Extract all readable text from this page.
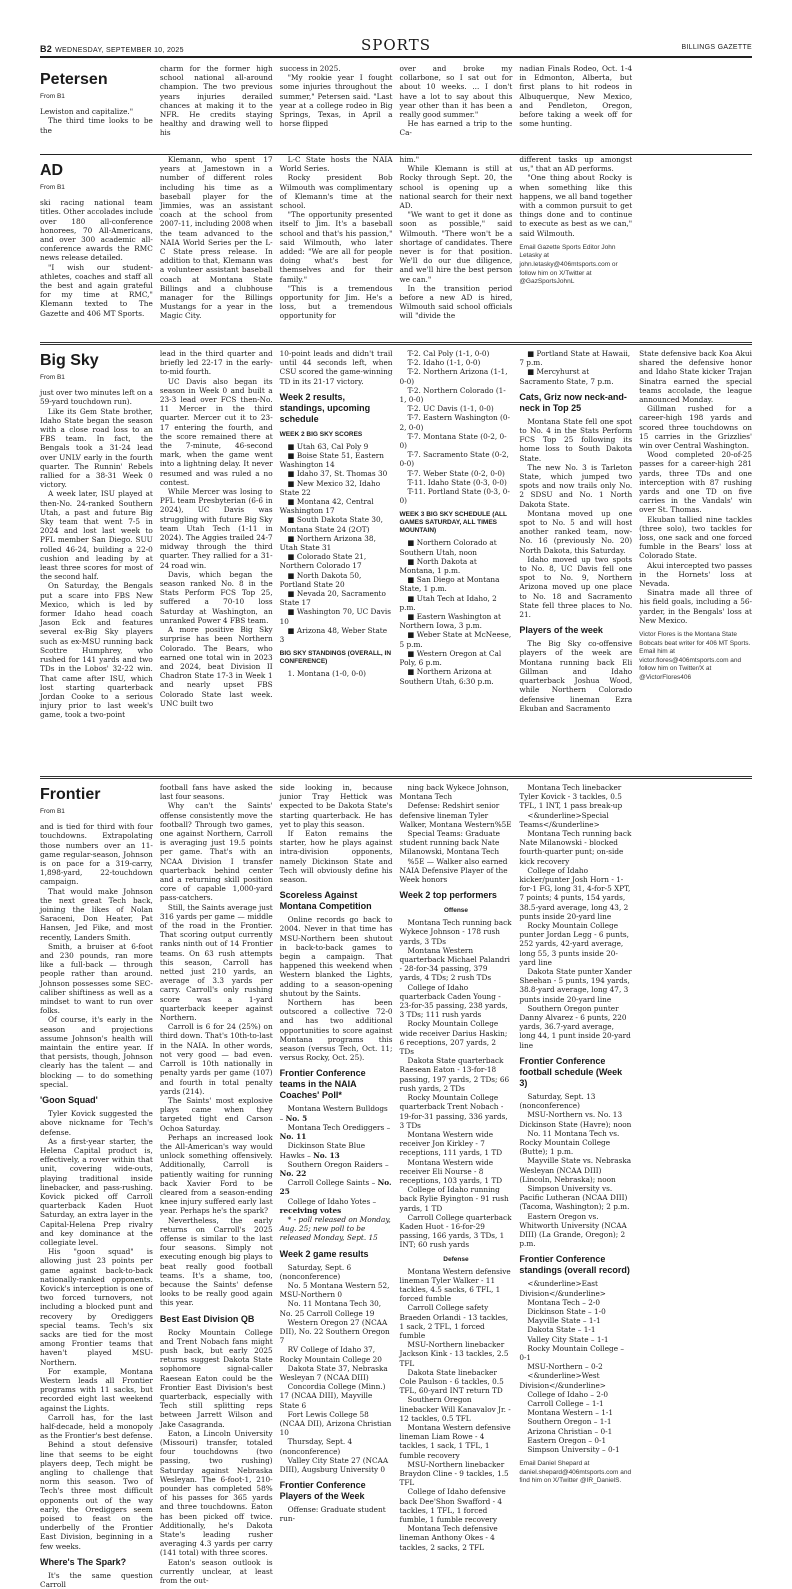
B2 WEDNESDAY, SEPTEMBER 10, 2025	SPORTS	BILLINGS GAZETTE
Petersen
From B1

Lewiston and capitalize."

The third time looks to be the

charm for the former high school national all-around champion. The two previous years injuries derailed chances at making it to the NFR. He credits staying healthy and drawing well to his

success in 2025.

"My rookie year I fought some injuries throughout the summer," Petersen said. "Last year at a college rodeo in Big Springs, Texas, in April a horse flipped

over and broke my collarbone, so I sat out for about 10 weeks. ... I don't have a lot to say about this year other than it has been a really good summer."

He has earned a trip to the Ca-

nadian Finals Rodeo, Oct. 1-4 in Edmonton, Alberta, but first plans to hit rodeos in Albuquerque, New Mexico, and Pendleton, Oregon, before taking a week off for some hunting.

AD
From B1

ski racing national team titles. Other accolades include over 180 all-conference honorees, 70 All-Americans, and over 300 academic all-conference awards the RMC news release detailed.

"I wish our student-athletes, coaches and staff all the best and again grateful for my time at RMC," Klemann texted to The Gazette and 406 MT Sports.

Klemann, who spent 17 years at Jamestown in a number of different roles including his time as a baseball player for the Jimmies, was an assistant coach at the school from 2007-11, including 2008 when the team advanced to the NAIA World Series per the L-C State press release. In addition to that, Klemann was a volunteer assistant baseball coach at Montana State Billings and a clubhouse manager for the Billings Mustangs for a year in the Magic City.

L-C State hosts the NAIA World Series.

Rocky president Bob Wilmouth was complimentary of Klemann's time at the school.

"The opportunity presented itself to Jim. It's a baseball school and that's his passion," said Wilmouth, who later added: "We are all for people doing what's best for themselves and for their family."

"This is a tremendous opportunity for Jim. He's a loss, but a tremendous opportunity for

him."

While Klemann is still at Rocky through Sept. 20, the school is opening up a national search for their next AD.

"We want to get it done as soon as possible," said Wilmouth. "There won't be a shortage of candidates. There never is for that position. We'll do our due diligence, and we'll hire the best person we can."

In the transition period before a new AD is hired, Wilmouth said school officials will "divide the

different tasks up amongst us," that an AD performs.

"One thing about Rocky is when something like this happens, we all band together with a common pursuit to get things done and to continue to execute as best as we can," said Wilmouth.

Email Gazette Sports Editor John Letasky at john.letasky@406mtsports.com or follow him on X/Twitter at @GazSportsJohnL
Big Sky
From B1

just over two minutes left on a 59-yard touchdown run).

Like its Gem State brother, Idaho State began the season with a close road loss to an FBS team. In fact, the Bengals took a 31-24 lead over UNLV early in the fourth quarter. The Runnin' Rebels rallied for a 38-31 Week 0 victory.

A week later, ISU played at then-No. 24-ranked Southern Utah, a past and future Big Sky team that went 7-5 in 2024 and lost last week to PFL member San Diego. SUU rolled 46-24, building a 22-0 cushion and leading by at least three scores for most of the second half.

On Saturday, the Bengals put a scare into FBS New Mexico, which is led by former Idaho head coach Jason Eck and features several ex-Big Sky players such as ex-MSU running back Scottre Humphrey, who rushed for 141 yards and two TDs in the Lobos' 32-22 win. That came after ISU, which lost starting quarterback Jordan Cooke to a serious injury prior to last week's game, took a two-point

lead in the third quarter and briefly led 22-17 in the early-to-mid fourth.

UC Davis also began its season in Week 0 and built a 23-3 lead over FCS then-No. 11 Mercer in the third quarter. Mercer cut it to 23-17 entering the fourth, and the score remained there at the 7-minute, 46-second mark, when the game went into a lightning delay. It never resumed and was ruled a no contest.

While Mercer was losing to PFL team Presbyterian (6-6 in 2024), UC Davis was struggling with future Big Sky team Utah Tech (1-11 in 2024). The Aggies trailed 24-7 midway through the third quarter. They rallied for a 31-24 road win.

Davis, which began the season ranked No. 8 in the Stats Perform FCS Top 25, suffered a 70-10 loss Saturday at Washington, an unranked Power 4 FBS team.

A more positive Big Sky surprise has been Northern Colorado. The Bears, who earned one total win in 2023 and 2024, beat Division II Chadron State 17-3 in Week 1 and nearly upset FBS Colorado State last week. UNC built two

10-point leads and didn't trail until 44 seconds left, when CSU scored the game-winning TD in its 21-17 victory.

Week 2 results, standings, upcoming schedule
WEEK 2 BIG SKY SCORES

■ Utah 63, Cal Poly 9

■ Boise State 51, Eastern Washington 14

■ Idaho 37, St. Thomas 30

■ New Mexico 32, Idaho State 22

■ Montana 42, Central Washington 17

■ South Dakota State 30, Montana State 24 (2OT)

■ Northern Arizona 38, Utah State 31

■ Colorado State 21, Northern Colorado 17

■ North Dakota 50, Portland State 20

■ Nevada 20, Sacramento State 17

■ Washington 70, UC Davis 10

■ Arizona 48, Weber State 3

BIG SKY STANDINGS (OVERALL, IN CONFERENCE)

1. Montana (1-0, 0-0)

T-2. Cal Poly (1-1, 0-0)

T-2. Idaho (1-1, 0-0)

T-2. Northern Arizona (1-1, 0-0)

T-2. Northern Colorado (1-1, 0-0)

T-2. UC Davis (1-1, 0-0)

T-7. Eastern Washington (0-2, 0-0)

T-7. Montana State (0-2, 0-0)

T-7. Sacramento State (0-2, 0-0)

T-7. Weber State (0-2, 0-0)

T-11. Idaho State (0-3, 0-0)

T-11. Portland State (0-3, 0-0)

WEEK 3 BIG SKY SCHEDULE (ALL GAMES SATURDAY, ALL TIMES MOUNTAIN)

■ Northern Colorado at Southern Utah, noon

■ North Dakota at Montana, 1 p.m.

■ San Diego at Montana State, 1 p.m.

■ Utah Tech at Idaho, 2 p.m.

■ Eastern Washington at Northern Iowa, 3 p.m.

■ Weber State at McNeese, 5 p.m.

■ Western Oregon at Cal Poly, 6 p.m.

■ Northern Arizona at Southern Utah, 6:30 p.m.

■ Portland State at Hawaii, 7 p.m.

■ Mercyhurst at Sacramento State, 7 p.m.

Cats, Griz now neck-and-neck in Top 25

Montana State fell one spot to No. 4 in the Stats Perform FCS Top 25 following its home loss to South Dakota State.

The new No. 3 is Tarleton State, which jumped two spots and now trails only No. 2 SDSU and No. 1 North Dakota State.

Montana moved up one spot to No. 5 and will host another ranked team, now-No. 16 (previously No. 20) North Dakota, this Saturday.

Idaho moved up two spots to No. 8, UC Davis fell one spot to No. 9, Northern Arizona moved up one place to No. 18 and Sacramento State fell three places to No. 21.

Players of the week

The Big Sky co-offensive players of the week are Montana running back Eli Gillman and Idaho quarterback Joshua Wood, while Northern Colorado defensive lineman Ezra Ekuban and Sacramento

State defensive back Koa Akui shared the defensive honor and Idaho State kicker Trajan Sinatra earned the special teams accolade, the league announced Monday.

Gillman rushed for a career-high 198 yards and scored three touchdowns on 15 carries in the Grizzlies' win over Central Washington.

Wood completed 20-of-25 passes for a career-high 281 yards, three TDs and one interception with 87 rushing yards and one TD on five carries in the Vandals' win over St. Thomas.

Ekuban tallied nine tackles (three solo), two tackles for loss, one sack and one forced fumble in the Bears' loss at Colorado State.

Akui intercepted two passes in the Hornets' loss at Nevada.

Sinatra made all three of his field goals, including a 56-yarder, in the Bengals' loss at New Mexico.

Victor Flores is the Montana State Bobcats beat writer for 406 MT Sports. Email him at victor.flores@406mtsports.com and follow him on Twitter/X at @VictorFlores406
Frontier
From B1

and is tied for third with four touchdowns. Extrapolating those numbers over an 11-game regular-season, Johnson is on pace for a 319-carry, 1,898-yard, 22-touchdown campaign.

That would make Johnson the next great Tech back, joining the likes of Nolan Saraceni, Don Heater, Pat Hansen, Jed Fike, and most recently, Landers Smith.

Smith, a bruiser at 6-foot and 230 pounds, ran more like a full-back — through people rather than around. Johnson possesses some SEC-caliber shiftiness as well as a mindset to want to run over folks.

Of course, it's early in the season and projections assume Johnson's health will maintain the entire year. If that persists, though, Johnson clearly has the talent — and blocking — to do something special.

'Goon Squad'

Tyler Kovick suggested the above nickname for Tech's defense.

As a first-year starter, the Helena Capital product is, effectively, a rover within that unit, covering wide-outs, playing traditional inside linebacker, and pass-rushing. Kovick picked off Carroll quarterback Kaden Huot Saturday, an extra layer in the Capital-Helena Prep rivalry and key dominance at the collegiate level.

His "goon squad" is allowing just 23 points per game against back-to-back nationally-ranked opponents. Kovick's interception is one of two forced turnovers, not including a blocked punt and recovery by Orediggers special teams. Tech's six sacks are tied for the most among Frontier teams that haven't played MSU-Northern.

For example, Montana Western leads all Frontier programs with 11 sacks, but recorded eight last weekend against the Lights.

Carroll has, for the last half-decade, held a monopoly as the Frontier's best defense.

Behind a stout defensive line that seems to be eight players deep, Tech might be angling to challenge that norm this season. Two of Tech's three most difficult opponents out of the way early, the Orediggers seem poised to feast on the underbelly of the Frontier East Division, beginning in a few weeks.

Where's The Spark?

It's the same question Carroll

football fans have asked the last four seasons.

Why can't the Saints' offense consistently move the football? Through two games, one against Northern, Carroll is averaging just 19.5 points per game. That's with an NCAA Division I transfer quarterback behind center and a returning skill position core of capable 1,000-yard pass-catchers.

Still, the Saints average just 316 yards per game — middle of the road in the Frontier. That scoring output currently ranks ninth out of 14 Frontier teams. On 63 rush attempts this season, Carroll has netted just 210 yards, an average of 3.3 yards per carry. Carroll's only rushing score was a 1-yard quarterback keeper against Northern.

Carroll is 6 for 24 (25%) on third down. That's 10th-to-last in the NAIA. In other words, not very good — bad even. Carroll is 10th nationally in penalty yards per game (107) and fourth in total penalty yards (214).

The Saints' most explosive plays came when they targeted tight end Carson Ochoa Saturday.

Perhaps an increased look the All-American's way would unlock something offensively. Additionally, Carroll is patiently waiting for running back Xavier Ford to be cleared from a season-ending knee injury suffered early last year. Perhaps he's the spark?

Nevertheless, the early returns on Carroll's 2025 offense is similar to the last four seasons. Simply not executing enough big plays to beat really good football teams. It's a shame, too, because the Saints' defense looks to be really good again this year.

Best East Division QB

Rocky Mountain College and Trent Nobach fans might push back, but early 2025 returns suggest Dakota State sophomore signal-caller Raesean Eaton could be the Frontier East Division's best quarterback, especially with Tech still splitting reps between Jarrett Wilson and Jake Casagranda.

Eaton, a Lincoln University (Missouri) transfer, totaled four touchdowns (two passing, two rushing) Saturday against Nebraska Wesleyan. The 6-foot-1, 210-pounder has completed 58% of his passes for 365 yards and three touchdowns. Eaton has been picked off twice. Additionally, he's Dakota State's leading rusher averaging 4.3 yards per carry (141 total) with three scores.

Eaton's season outlook is currently unclear, at least from the out-

side looking in, because junior Tray Hettick was expected to be Dakota State's starting quarterback. He has yet to play this season.

If Eaton remains the starter, how he plays against intra-division opponents, namely Dickinson State and Tech will obviously define his season.

Scoreless Against Montana Competition

Online records go back to 2004. Never in that time has MSU-Northern been shutout in back-to-back games to begin a campaign. That happened this weekend when Western blanked the Lights, adding to a season-opening shutout by the Saints.

Northern has been outscored a collective 72-0 and has two additional opportunities to score against Montana programs this season (versus Tech, Oct. 11; versus Rocky, Oct. 25).

Frontier Conference teams in the NAIA Coaches' Poll*

Montana Western Bulldogs – No. 5

Montana Tech Orediggers – No. 11

Dickinson State Blue Hawks – No. 13

Southern Oregon Raiders – No. 22

Carroll College Saints – No. 25

College of Idaho Yotes – receiving votes

* - poll released on Monday, Aug. 25; new poll to be released Monday, Sept. 15

Week 2 game results

Saturday, Sept. 6 (nonconference)

No. 5 Montana Western 52, MSU-Northern 0

No. 11 Montana Tech 30, No. 25 Carroll College 19

Western Oregon 27 (NCAA DII), No. 22 Southern Oregon 7

RV College of Idaho 37, Rocky Mountain College 20

Dakota State 37, Nebraska Wesleyan 7 (NCAA DIII)

Concordia College (Minn.) 17 (NCAA DIII), Mayville State 6

Fort Lewis College 58 (NCAA DII), Arizona Christian 10

Thursday, Sept. 4 (nonconference)

Valley City State 27 (NCAA DIII), Augsburg University 0

Frontier Conference Players of the Week

Offense: Graduate student run-

ning back Wykece Johnson, Montana Tech

Defense: Redshirt senior defensive lineman Tyler Walker, Montana Western%5E

Special Teams: Graduate student running back Nate Milanowski, Montana Tech

%5E — Walker also earned NAIA Defensive Player of the Week honors

Week 2 top performers
Offense

Montana Tech running back Wykece Johnson - 178 rush yards, 3 TDs

Montana Western quarterback Michael Palandri - 28-for-34 passing, 379 yards, 4 TDs; 2 rush TDs

College of Idaho quarterback Caden Young - 23-for-35 passing, 238 yards, 3 TDs; 111 rush yards

Rocky Mountain College wide receiver Darius Haskin; 6 receptions, 207 yards, 2 TDs

Dakota State quarterback Raesean Eaton - 13-for-18 passing, 197 yards, 2 TDs; 66 rush yards, 2 TDs

Rocky Mountain College quarterback Trent Nobach - 19-for-31 passing, 336 yards, 3 TDs

Montana Western wide receiver Jon Kirkley - 7 receptions, 111 yards, 1 TD

Montana Western wide receiver Eli Nourse - 8 receptions, 103 yards, 1 TD

College of Idaho running back Rylie Byington - 91 rush yards, 1 TD

Carroll College quarterback Kaden Huot - 16-for-29 passing, 166 yards, 3 TDs, 1 INT; 60 rush yards

Defense

Montana Western defensive lineman Tyler Walker - 11 tackles, 4.5 sacks, 6 TFL, 1 forced fumble

Carroll College safety Braeden Orlandi - 13 tackles, 1 sack, 2 TFL, 1 forced fumble

MSU-Northern linebacker Jackson Kink - 13 tackles, 2.5 TFL

Dakota State linebacker Cole Paulson - 6 tackles, 0.5 TFL, 60-yard INT return TD

Southern Oregon linebacker Will Kanavalov Jr. - 12 tackles, 0.5 TFL

Montana Western defensive lineman Liam Rowe - 4 tackles, 1 sack, 1 TFL, 1 fumble recovery

MSU-Northern linebacker Braydon Cline - 9 tackles, 1.5 TFL

College of Idaho defensive back Dee'Shon Swafford - 4 tackles, 1 TFL, 1 forced fumble, 1 fumble recovery

Montana Tech defensive lineman Anthony Okes - 4 tackles, 2 sacks, 2 TFL

Montana Tech linebacker Tyler Kovick - 3 tackles, 0.5 TFL, 1 INT, 1 pass break-up

<&underline>Special Teams</&underline>

Montana Tech running back Nate Milanowski - blocked fourth-quarter punt; on-side kick recovery

College of Idaho kicker/punter Josh Horn - 1-for-1 FG, long 31, 4-for-5 XPT, 7 points; 4 punts, 154 yards, 38.5-yard average, long 43, 2 punts inside 20-yard line

Rocky Mountain College punter Jordan Legg - 6 punts, 252 yards, 42-yard average, long 55, 3 punts inside 20-yard line

Dakota State punter Xander Sheehan - 5 punts, 194 yards, 38.8-yard average, long 47, 3 punts inside 20-yard line

Southern Oregon punter Danny Alvarez - 6 punts, 220 yards, 36.7-yard average, long 44, 1 punt inside 20-yard line

Frontier Conference football schedule (Week 3)

Saturday, Sept. 13 (nonconference)

MSU-Northern vs. No. 13 Dickinson State (Havre); noon

No. 11 Montana Tech vs. Rocky Mountain College (Butte); 1 p.m.

Mayville State vs. Nebraska Wesleyan (NCAA DIII) (Lincoln, Nebraska); noon

Simpson University vs. Pacific Lutheran (NCAA DIII) (Tacoma, Washington); 2 p.m.

Eastern Oregon vs. Whitworth University (NCAA DIII) (La Grande, Oregon); 2 p.m.

Frontier Conference standings (overall record)

<&underline>East Division</&underline>

Montana Tech – 2-0

Dickinson State – 1-0

Mayville State – 1-1

Dakota State – 1-1

Valley City State – 1-1

Rocky Mountain College – 0-1

MSU-Northern – 0-2

<&underline>West Division</&underline>

College of Idaho – 2-0

Carroll College – 1-1

Montana Western – 1-1

Southern Oregon – 1-1

Arizona Christian – 0-1

Eastern Oregon – 0-1

Simpson University – 0-1

Email Daniel Shepard at daniel.shepard@406mtsports.com and find him on X/Twitter @IR_DanielS.
